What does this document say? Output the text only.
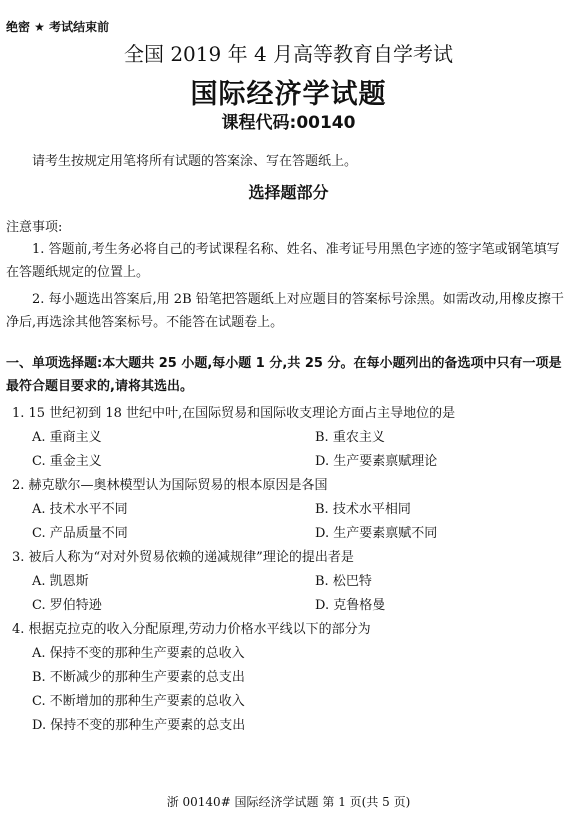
绝密 ★ 考试结束前
全国 2019 年 4 月高等教育自学考试
国际经济学试题
课程代码:00140
请考生按规定用笔将所有试题的答案涂、写在答题纸上。
选择题部分
注意事项:
1. 答题前,考生务必将自己的考试课程名称、姓名、准考证号用黑色字迹的签字笔或钢笔填写在答题纸规定的位置上。
2. 每小题选出答案后,用 2B 铅笔把答题纸上对应题目的答案标号涂黑。如需改动,用橡皮擦干净后,再选涂其他答案标号。不能答在试题卷上。
一、单项选择题:本大题共 25 小题,每小题 1 分,共 25 分。在每小题列出的备选项中只有一项是最符合题目要求的,请将其选出。
1. 15 世纪初到 18 世纪中叶,在国际贸易和国际收支理论方面占主导地位的是
A. 重商主义	B. 重农主义
C. 重金主义	D. 生产要素禀赋理论
2. 赫克歇尔—奥林模型认为国际贸易的根本原因是各国
A. 技术水平不同	B. 技术水平相同
C. 产品质量不同	D. 生产要素禀赋不同
3. 被后人称为“对对外贸易依赖的递减规律”理论的提出者是
A. 凯恩斯	B. 松巴特
C. 罗伯特逊	D. 克鲁格曼
4. 根据克拉克的收入分配原理,劳动力价格水平线以下的部分为
A. 保持不变的那种生产要素的总收入
B. 不断减少的那种生产要素的总支出
C. 不断增加的那种生产要素的总收入
D. 保持不变的那种生产要素的总支出
浙 00140# 国际经济学试题 第 1 页(共 5 页)
